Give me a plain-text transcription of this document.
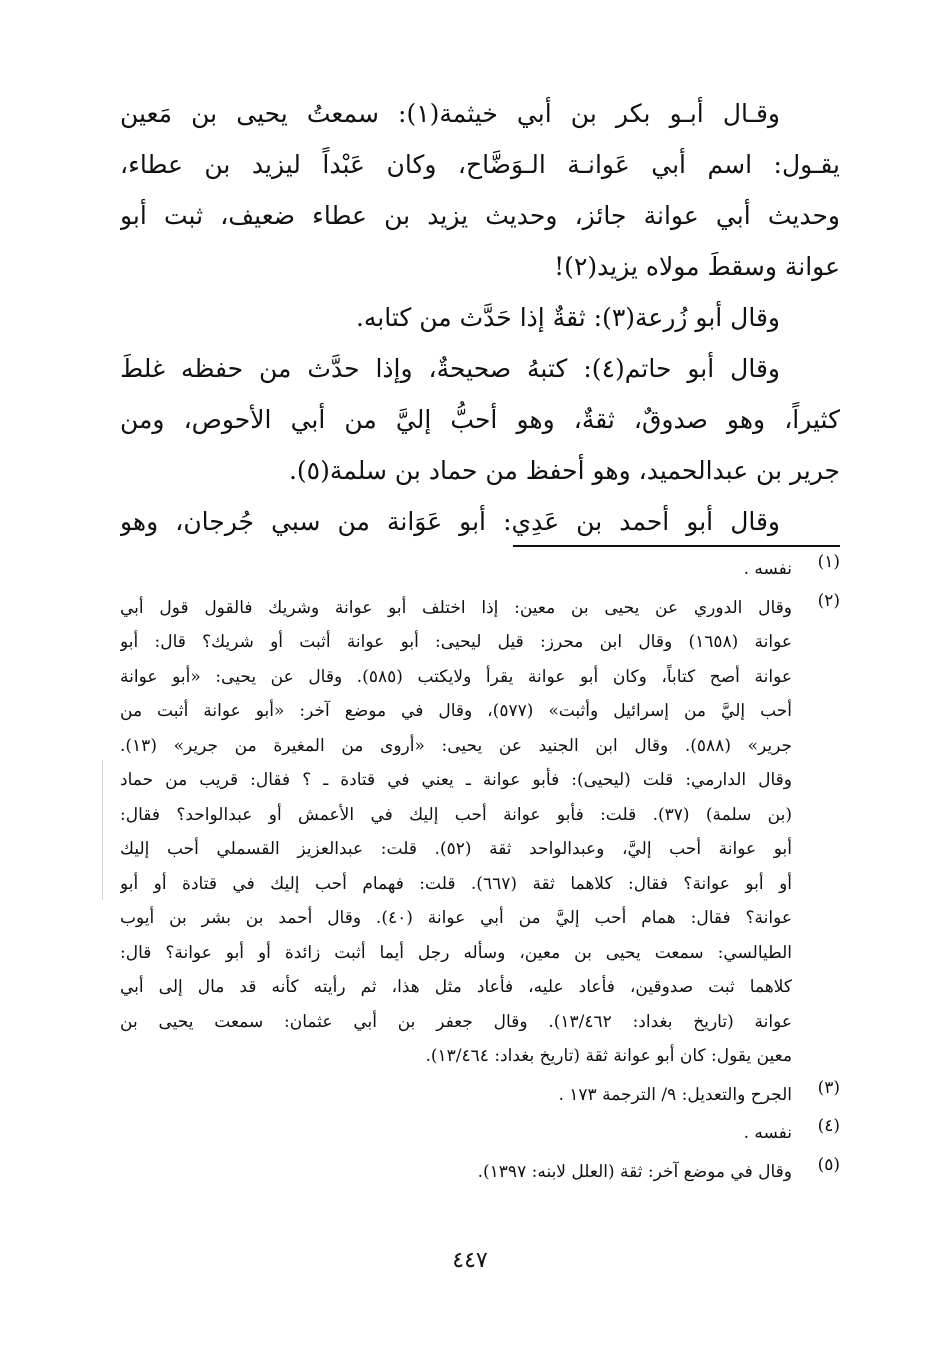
وقـال أبـو بكر بن أبي خيثمة(١): سمعتُ يحيى بن مَعين
يقـول: اسم أبي عَوانـة الـوَضَّاح، وكان عَبْداً ليزيد بن عطاء،
وحديث أبي عوانة جائز، وحديث يزيد بن عطاء ضعيف، ثبت أبو
عوانة وسقطَ مولاه يزيد(٢)!
وقال أبو زُرعة(٣): ثقةٌ إذا حَدَّث من كتابه.
وقال أبو حاتم(٤): كتبهُ صحيحةٌ، وإذا حدَّث من حفظه غلطَ
كثيراً، وهو صدوقٌ، ثقةٌ، وهو أحبُّ إليَّ من أبي الأحوص، ومن
جرير بن عبدالحميد، وهو أحفظ من حماد بن سلمة(٥).
وقال أبو أحمد بن عَدِي: أبو عَوَانة من سبي جُرجان، وهو
(١)
نفسه .
(٢)
وقال الدوري عن يحيى بن معين: إذا اختلف أبو عوانة وشريك فالقول قول أبي
عوانة (١٦٥٨) وقال ابن محرز: قيل ليحيى: أبو عوانة أثبت أو شريك؟ قال: أبو
عوانة أصح كتاباً، وكان أبو عوانة يقرأ ولايكتب (٥٨٥). وقال عن يحيى: «أبو عوانة
أحب إليَّ من إسرائيل وأثبت» (٥٧٧)، وقال في موضع آخر: «أبو عوانة أثبت من
جرير» (٥٨٨). وقال ابن الجنيد عن يحيى: «أروى من المغيرة من جرير» (١٣).
وقال الدارمي: قلت (ليحيى): فأبو عوانة ـ يعني في قتادة ـ ؟ فقال: قريب من حماد
(بن سلمة) (٣٧). قلت: فأبو عوانة أحب إليك في الأعمش أو عبدالواحد؟ فقال:
أبو عوانة أحب إليَّ، وعبدالواحد ثقة (٥٢). قلت: عبدالعزيز القسملي أحب إليك
أو أبو عوانة؟ فقال: كلاهما ثقة (٦٦٧). قلت: فهمام أحب إليك في قتادة أو أبو
عوانة؟ فقال: همام أحب إليَّ من أبي عوانة (٤٠). وقال أحمد بن بشر بن أيوب
الطيالسي: سمعت يحيى بن معين، وسأله رجل أيما أثبت زائدة أو أبو عوانة؟ قال:
كلاهما ثبت صدوقين، فأعاد عليه، فأعاد مثل هذا، ثم رأيته كأنه قد مال إلى أبي
عوانة (تاريخ بغداد: ١٣/٤٦٢). وقال جعفر بن أبي عثمان: سمعت يحيى بن
معين يقول: كان أبو عوانة ثقة (تاريخ بغداد: ١٣/٤٦٤).
(٣)
الجرح والتعديل: ٩/ الترجمة ١٧٣ .
(٤)
نفسه .
(٥)
وقال في موضع آخر: ثقة (العلل لابنه: ١٣٩٧).
٤٤٧
